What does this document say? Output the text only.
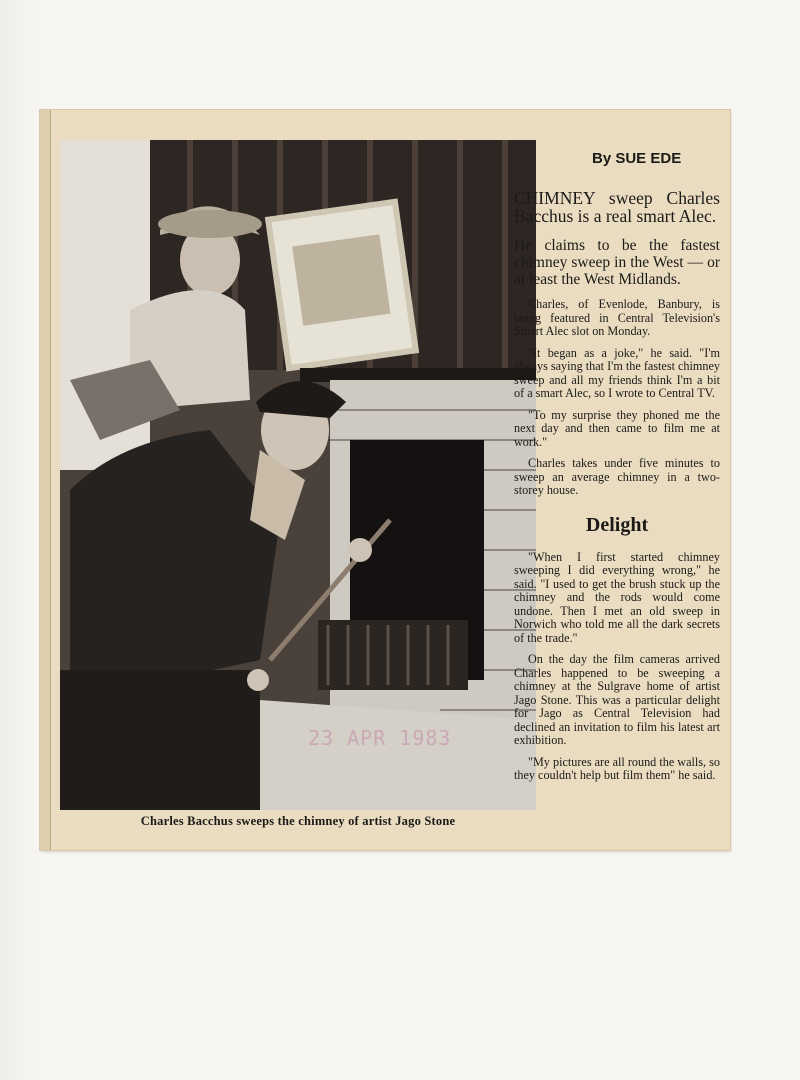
23 APR 1983
Charles Bacchus sweeps the chimney of artist Jago Stone
By SUE EDE
CHIMNEY sweep Charles Bacchus is a real smart Alec.
He claims to be the fastest chimney sweep in the West — or at least the West Midlands.

Charles, of Evenlode, Banbury, is being featured in Central Television's Smart Alec slot on Monday.

"It began as a joke," he said. "I'm always saying that I'm the fastest chimney sweep and all my friends think I'm a bit of a smart Alec, so I wrote to Central TV.

"To my surprise they phoned me the next day and then came to film me at work."

Charles takes under five minutes to sweep an average chimney in a two-storey house.

Delight

"When I first started chimney sweeping I did everything wrong," he said. "I used to get the brush stuck up the chimney and the rods would come undone. Then I met an old sweep in Norwich who told me all the dark secrets of the trade."

On the day the film cameras arrived Charles happened to be sweeping a chimney at the Sulgrave home of artist Jago Stone. This was a particular delight for Jago as Central Television had declined an invitation to film his latest art exhibition.

"My pictures are all round the walls, so they couldn't help but film them" he said.
